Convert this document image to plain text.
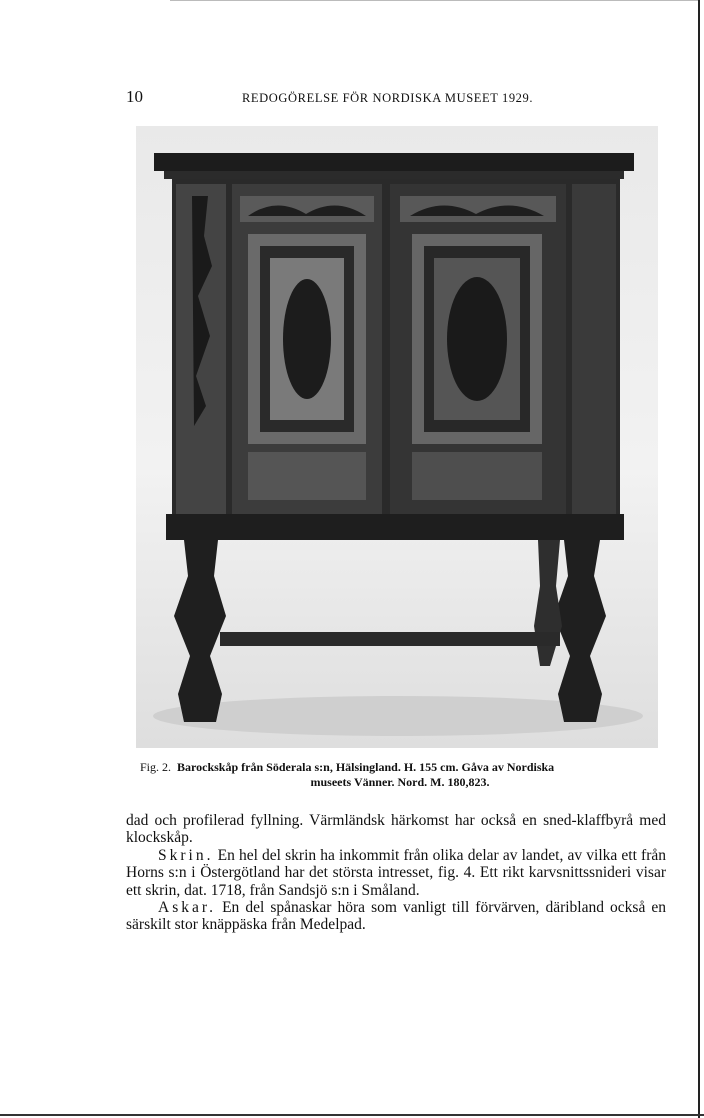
10	REDOGÖRELSE FÖR NORDISKA MUSEET 1929.
Fig. 2. Barockskåp från Söderala s:n, Hälsingland. H. 155 cm. Gåva av Nordiska
museets Vänner. Nord. M. 180,823.

dad och profilerad fyllning. Värmländsk härkomst har också en sned-klaffbyrå med klockskåp.

Skrin. En hel del skrin ha inkommit från olika delar av landet, av vilka ett från Horns s:n i Östergötland har det största intresset, fig. 4. Ett rikt karvsnittssnideri visar ett skrin, dat. 1718, från Sandsjö s:n i Småland.

Askar. En del spånaskar höra som vanligt till förvärven, däribland också en särskilt stor knäppäska från Medelpad.
